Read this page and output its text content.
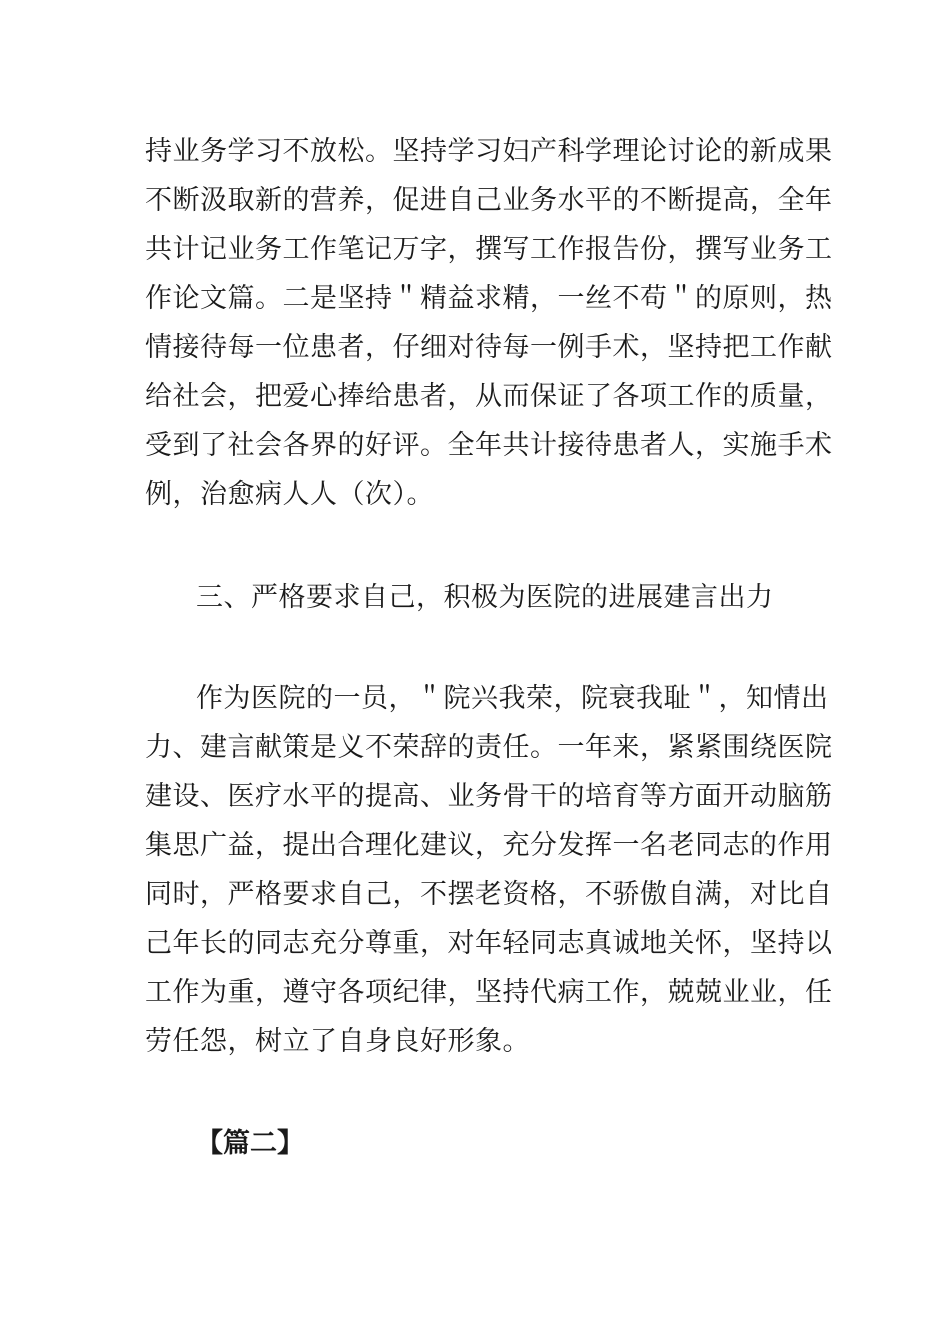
持业务学习不放松。坚持学习妇产科学理论讨论的新成果
不断汲取新的营养，促进自己业务水平的不断提高，全年
共计记业务工作笔记万字，撰写工作报告份，撰写业务工
作论文篇。二是坚持＂精益求精，一丝不苟＂的原则，热
情接待每一位患者，仔细对待每一例手术，坚持把工作献
给社会，把爱心捧给患者，从而保证了各项工作的质量，
受到了社会各界的好评。全年共计接待患者人，实施手术
例，治愈病人人（次）。
三、严格要求自己，积极为医院的进展建言出力
作为医院的一员，＂院兴我荣，院衰我耻＂，知情出
力、建言献策是义不荣辞的责任。一年来，紧紧围绕医院
建设、医疗水平的提高、业务骨干的培育等方面开动脑筋
集思广益，提出合理化建议，充分发挥一名老同志的作用
同时，严格要求自己，不摆老资格，不骄傲自满，对比自
己年长的同志充分尊重，对年轻同志真诚地关怀，坚持以
工作为重，遵守各项纪律，坚持代病工作，兢兢业业，任
劳任怨，树立了自身良好形象。
【篇二】
